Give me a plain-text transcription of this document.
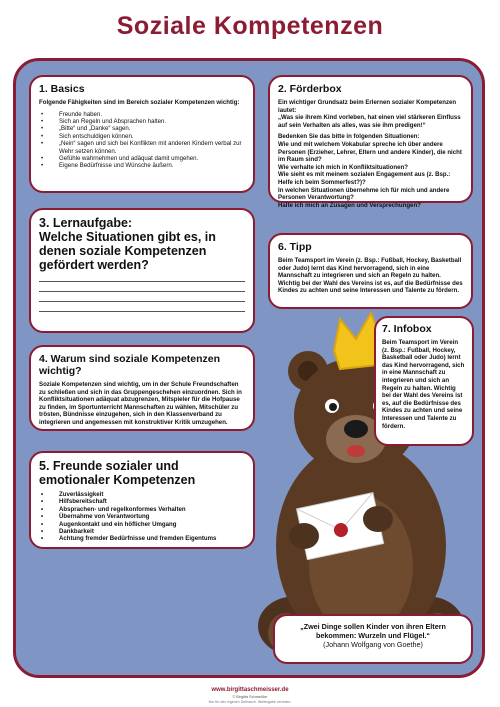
Soziale Kompetenzen
1. Basics

Folgende Fähigkeiten sind im Bereich sozialer Kompetenzen wichtig:

• Freunde haben.
• Sich an Regeln und Absprachen halten.
• „Bitte“ und „Danke“ sagen.
• Sich entschuldigen können.
• „Nein“ sagen und sich bei Konflikten mit anderen Kindern verbal zur Wehr setzen können.
• Gefühle wahrnehmen und adäquat damit umgehen.
• Eigene Bedürfnisse und Wünsche äußern.
2. Förderbox

Ein wichtiger Grundsatz beim Erlernen sozialer Kompetenzen lautet:

„Was sie ihrem Kind vorleben, hat einen viel stärkeren Einfluss auf sein Verhalten als alles, was sie ihm predigen!“

Bedenken Sie das bitte in folgenden Situationen:

Wie und mit welchem Vokabular spreche ich über andere Personen (Erzieher, Lehrer, Eltern und andere Kinder), die nicht im Raum sind?

Wie verhalte ich mich in Konfliktsituationen?

Wie sieht es mit meinem sozialen Engagement aus (z. Bsp.: Helfe ich beim Sommerfest?)?

In welchen Situationen übernehme ich für mich und andere Personen Verantwortung?

Halte ich mich an Zusagen und Versprechungen?

3. Lernaufgabe:
Welche Situationen gibt es, in denen soziale Kompetenzen gefördert werden?
6. Tipp

Beim Teamsport im Verein (z. Bsp.: Fußball, Hockey, Basketball oder Judo) lernt das Kind hervorragend, sich in eine Mannschaft zu integrieren und sich an Regeln zu halten. Wichtig bei der Wahl des Vereins ist es, auf die Bedürfnisse des Kindes zu achten und seine Interessen und Talente zu fördern.

4. Warum sind soziale Kompetenzen wichtig?

Soziale Kompetenzen sind wichtig, um in der Schule Freundschaften zu schließen und sich in das Gruppengeschehen einzuordnen. Sich in Konfliktsituationen adäquat abzugrenzen, Mitspieler für die Hofpause zu finden, im Sportunterricht Mannschaften zu wählen, Mitschüler zu trösten, Bündnisse einzugehen, sich in den Klassenverband zu integrieren und angemessen mit konstruktiver Kritik umzugehen.

7. Infobox

Beim Teamsport im Verein (z. Bsp.: Fußball, Hockey, Basketball oder Judo) lernt das Kind hervorragend, sich in eine Mannschaft zu integrieren und sich an Regeln zu halten. Wichtig bei der Wahl des Vereins ist es, auf die Bedürfnisse des Kindes zu achten und seine Interessen und Talente zu fördern.

5. Freunde sozialer und emotionaler Kompetenzen
• Zuverlässigkeit
• Hilfsbereitschaft
• Absprachen- und regelkonformes Verhalten
• Übernahme von Verantwortung
• Augenkontakt und ein höflicher Umgang
• Dankbarkeit
• Achtung fremder Bedürfnisse und fremden Eigentums

„Zwei Dinge sollen Kinder von ihren Eltern bekommen: Wurzeln und Flügel.“

(Johann Wolfgang von Goethe)

www.birgittaschmeisser.de
© Birgitta Schmeißer
Nur für den eigenen Gebrauch. Weitergabe verboten.
